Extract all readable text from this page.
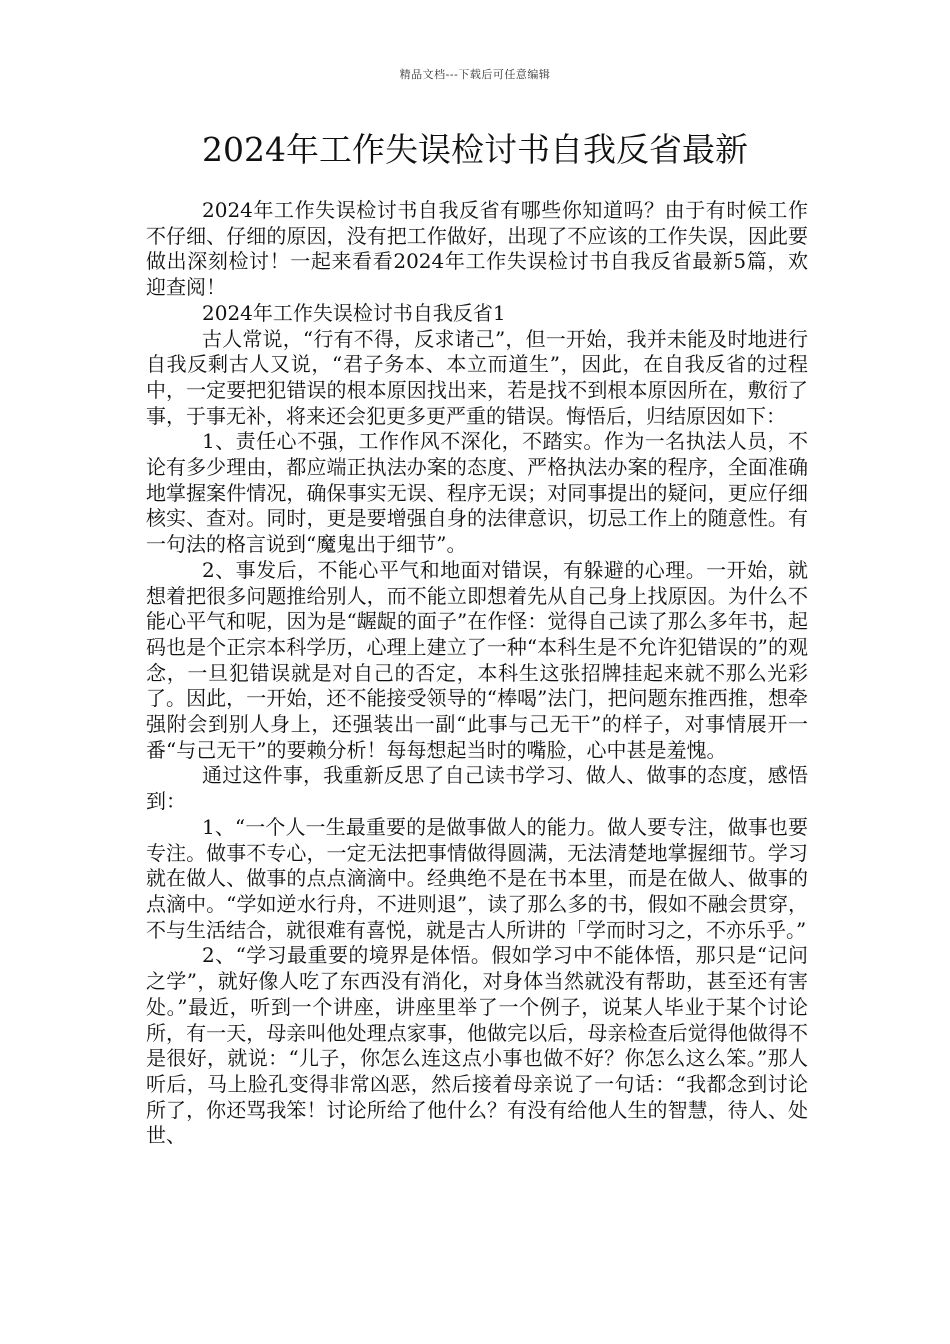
精品文档---下载后可任意编辑
2024年工作失误检讨书自我反省最新

2024年工作失误检讨书自我反省有哪些你知道吗？由于有时候工作不仔细、仔细的原因，没有把工作做好，出现了不应该的工作失误，因此要做出深刻检讨！一起来看看2024年工作失误检讨书自我反省最新5篇，欢迎查阅！

2024年工作失误检讨书自我反省1

古人常说，“行有不得，反求诸己”，但一开始，我并未能及时地进行自我反剩古人又说，“君子务本、本立而道生”，因此，在自我反省的过程中，一定要把犯错误的根本原因找出来，若是找不到根本原因所在，敷衍了事，于事无补，将来还会犯更多更严重的错误。悔悟后，归结原因如下：

1、责任心不强，工作作风不深化，不踏实。作为一名执法人员，不论有多少理由，都应端正执法办案的态度、严格执法办案的程序，全面准确地掌握案件情况，确保事实无误、程序无误；对同事提出的疑问，更应仔细核实、查对。同时，更是要增强自身的法律意识，切忌工作上的随意性。有一句法的格言说到“魔鬼出于细节”。

2、事发后，不能心平气和地面对错误，有躲避的心理。一开始，就想着把很多问题推给别人，而不能立即想着先从自己身上找原因。为什么不能心平气和呢，因为是“龌龊的面子”在作怪：觉得自己读了那么多年书，起码也是个正宗本科学历，心理上建立了一种“本科生是不允许犯错误的”的观念，一旦犯错误就是对自己的否定，本科生这张招牌挂起来就不那么光彩了。因此，一开始，还不能接受领导的“棒喝”法门，把问题东推西推，想牵强附会到别人身上，还强装出一副“此事与己无干”的样子，对事情展开一番“与己无干”的要赖分析！每每想起当时的嘴脸，心中甚是羞愧。

通过这件事，我重新反思了自己读书学习、做人、做事的态度，感悟到：

1、“一个人一生最重要的是做事做人的能力。做人要专注，做事也要专注。做事不专心，一定无法把事情做得圆满，无法清楚地掌握细节。学习就在做人、做事的点点滴滴中。经典绝不是在书本里，而是在做人、做事的点滴中。“学如逆水行舟，不进则退”，读了那么多的书，假如不融会贯穿，不与生活结合，就很难有喜悦，就是古人所讲的「学而时习之，不亦乐乎。”

2、“学习最重要的境界是体悟。假如学习中不能体悟，那只是“记问之学”，就好像人吃了东西没有消化，对身体当然就没有帮助，甚至还有害处。”最近，听到一个讲座，讲座里举了一个例子，说某人毕业于某个讨论所，有一天，母亲叫他处理点家事，他做完以后，母亲检查后觉得他做得不是很好，就说：“儿子，你怎么连这点小事也做不好？你怎么这么笨。”那人听后，马上脸孔变得非常凶恶，然后接着母亲说了一句话：“我都念到讨论所了，你还骂我笨！讨论所给了他什么？有没有给他人生的智慧，待人、处世、
